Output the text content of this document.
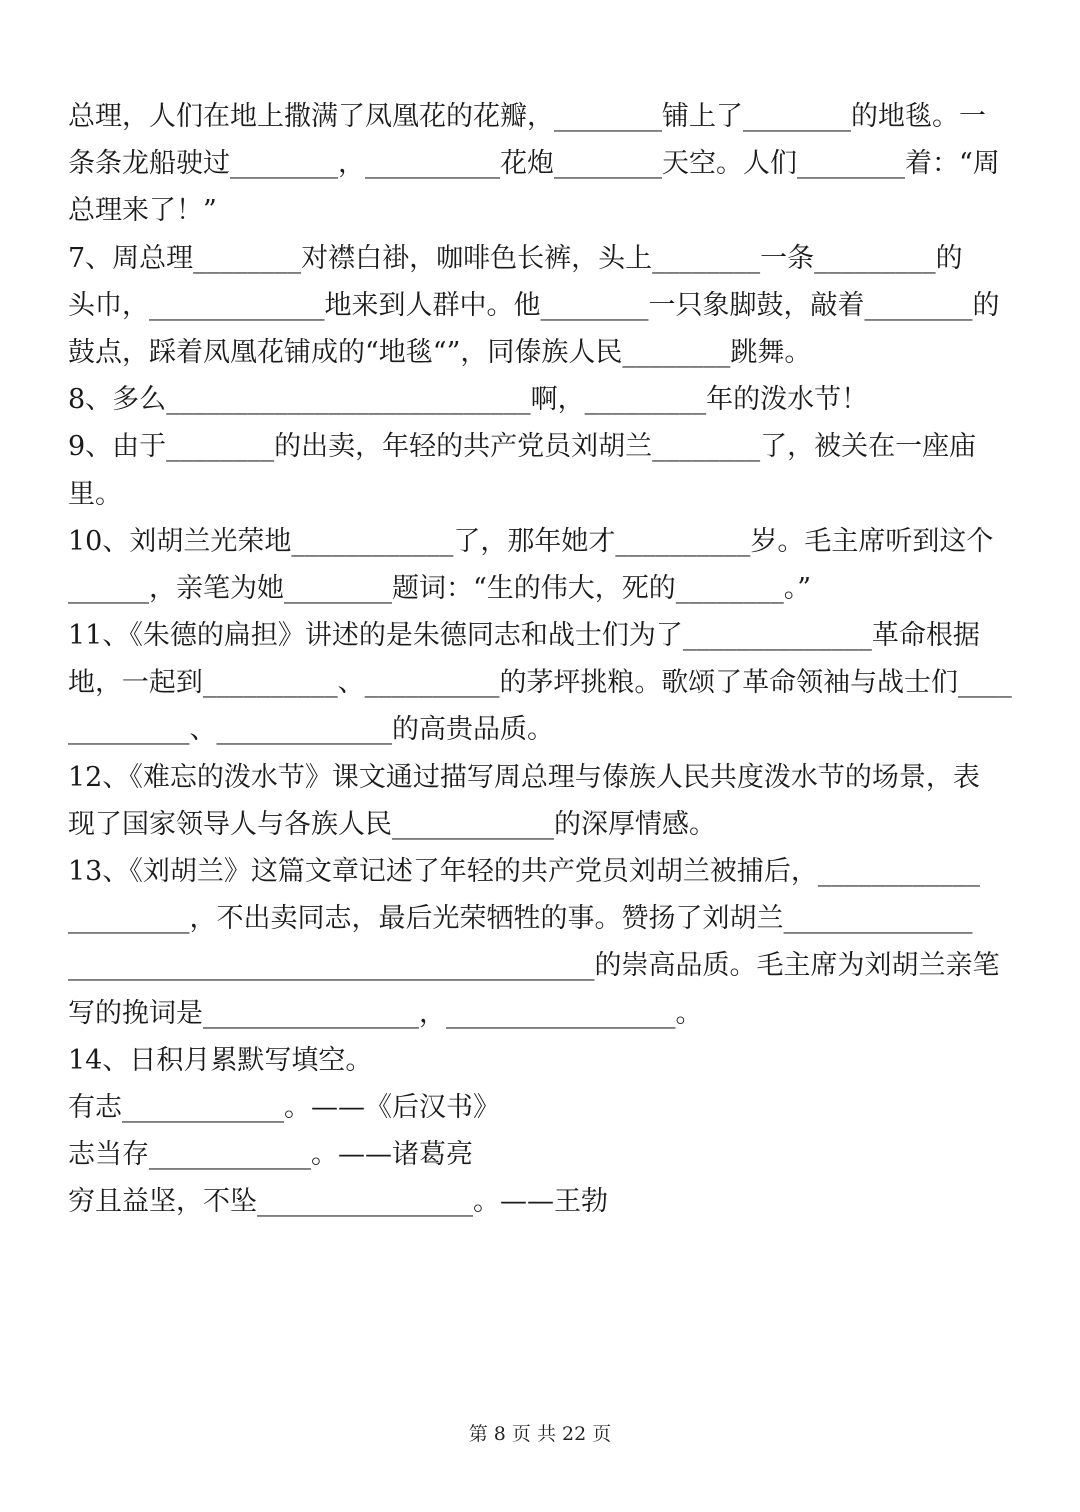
总理，人们在地上撒满了凤凰花的花瓣，________铺上了________的地毯。一
条条龙船驶过________，__________花炮________天空。人们________着：“周
总理来了！”
7、周总理________对襟白褂，咖啡色长裤，头上________一条_________的
头巾，_____________地来到人群中。他________一只象脚鼓，敲着________的
鼓点，踩着凤凰花铺成的“地毯“”，同傣族人民________跳舞。
8、多么___________________________啊，_________年的泼水节！
9、由于________的出卖，年轻的共产党员刘胡兰________了，被关在一座庙
里。
10、刘胡兰光荣地____________了，那年她才__________岁。毛主席听到这个
______，亲笔为她________题词：“生的伟大，死的________。”
11、《朱德的扁担》讲述的是朱德同志和战士们为了______________革命根据
地，一起到__________、__________的茅坪挑粮。歌颂了革命领袖与战士们____
_________、_____________的高贵品质。
12、《难忘的泼水节》课文通过描写周总理与傣族人民共度泼水节的场景，表
现了国家领导人与各族人民____________的深厚情感。
13、《刘胡兰》这篇文章记述了年轻的共产党员刘胡兰被捕后，____________
_________，不出卖同志，最后光荣牺牲的事。赞扬了刘胡兰______________
_______________________________________的崇高品质。毛主席为刘胡兰亲笔
写的挽词是________________，_________________。
14、日积月累默写填空。
有志____________。——《后汉书》
志当存____________。——诸葛亮
穷且益坚，不坠________________。——王勃
第 8 页 共 22 页
